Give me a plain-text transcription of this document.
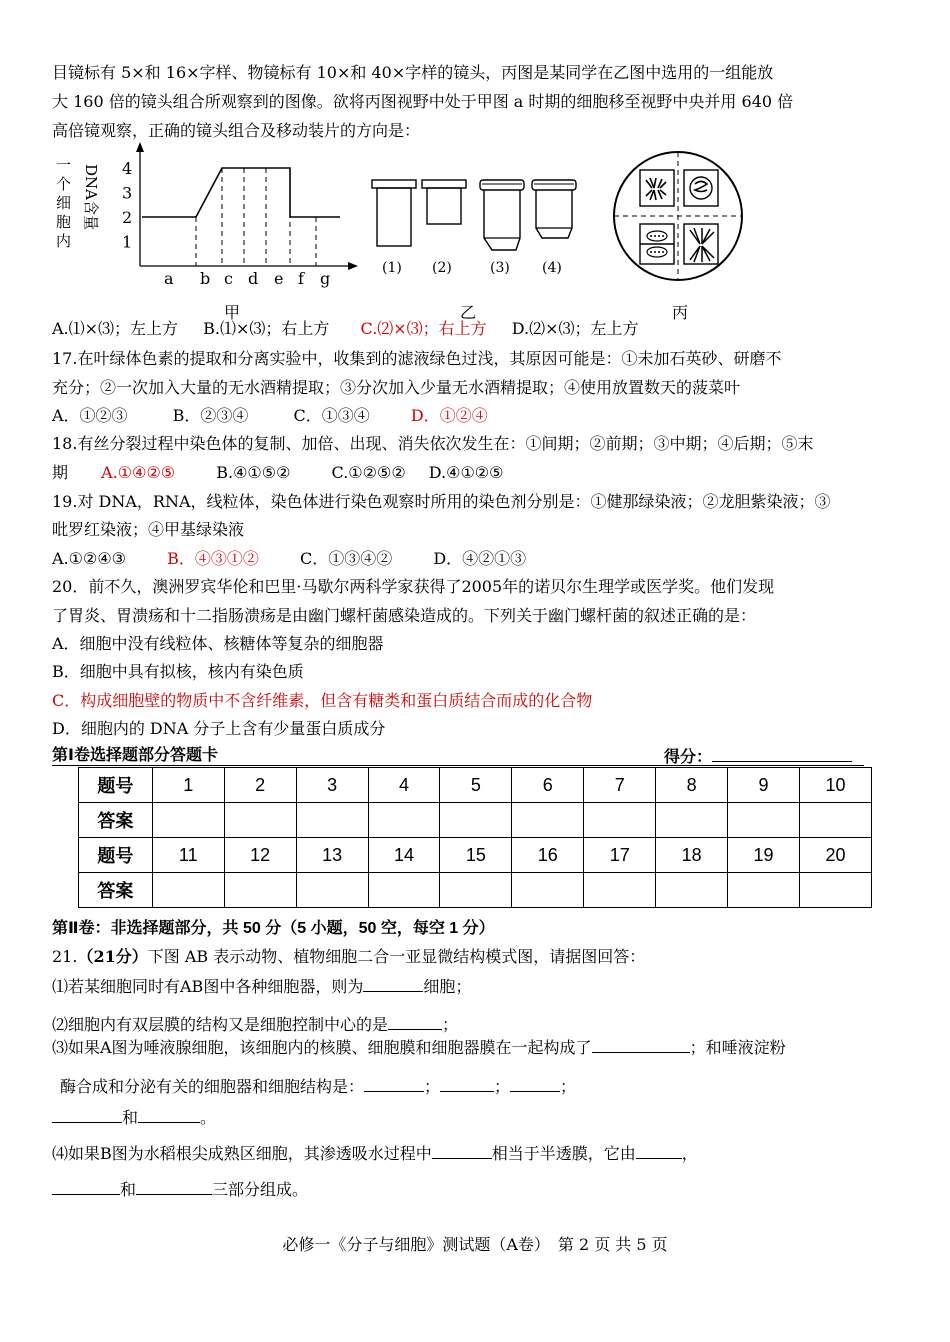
目镜标有 5×和 16×字样、物镜标有 10×和 40×字样的镜头，丙图是某同学在乙图中选用的一组能放
大 160 倍的镜头组合所观察到的图像。欲将丙图视野中处于甲图 a 时期的细胞移至视野中央并用 640 倍
高倍镜观察，正确的镜头组合及移动装片的方向是：
一
个
细
胞
内
DNA含量 4
3
2
1
a b c d e f g
甲
(1) (2)	(3) (4)
乙	丙
A.⑴×⑶；左上方 B.⑴×⑶；右上方 C.⑵×⑶；右上方 D.⑵×⑶；左上方
17.在叶绿体色素的提取和分离实验中，收集到的滤液绿色过浅，其原因可能是：①未加石英砂、研磨不
充分；②一次加入大量的无水酒精提取；③分次加入少量无水酒精提取；④使用放置数天的菠菜叶
A．①②③	B．②③④	C．①③④	D．①②④
18.有丝分裂过程中染色体的复制、加倍、出现、消失依次发生在：①间期；②前期；③中期；④后期；⑤末
期 A.①④②⑤	B.④①⑤②	C.①②⑤② D.④①②⑤
19.对 DNA，RNA，线粒体，染色体进行染色观察时所用的染色剂分别是：①健那绿染液；②龙胆紫染液；③
吡罗红染液；④甲基绿染液
A.①②④③	B．④③①②	C．①③④②	D．④②①③
20．前不久，澳洲罗宾华伦和巴里·马歇尔两科学家获得了2005年的诺贝尔生理学或医学奖。他们发现
了胃炎、胃溃疡和十二指肠溃疡是由幽门螺杆菌感染造成的。下列关于幽门螺杆菌的叙述正确的是：
A．细胞中没有线粒体、核糖体等复杂的细胞器
B．细胞中具有拟核，核内有染色质
C．构成细胞壁的物质中不含纤维素，但含有糖类和蛋白质结合而成的化合物
D．细胞内的 DNA 分子上含有少量蛋白质成分
第Ⅰ卷选择题部分答题卡	得分：
题号	1	2	3	4	5	6	7	8	9	10
答案										
题号	11	12	13	14	15	16	17	18	19	20
答案										
第Ⅱ卷：非选择题部分，共 50 分（5 小题，50 空，每空 1 分）
21.（21分）下图 AB 表示动物、植物细胞二合一亚显微结构模式图，请据图回答：
⑴若某细胞同时有AB图中各种细胞器，则为	细胞；
⑵细胞内有双层膜的结构又是细胞控制中心的是	；
⑶如果A图为唾液腺细胞，该细胞内的核膜、细胞膜和细胞器膜在一起构成了	；和唾液淀粉
酶合成和分泌有关的细胞器和细胞结构是：	；	；	；
和	。
⑷如果B图为水稻根尖成熟区细胞，其渗透吸水过程中	相当于半透膜，它由	，
和	三部分组成。
必修一《分子与细胞》测试题（A卷）　第 2 页 共 5 页
